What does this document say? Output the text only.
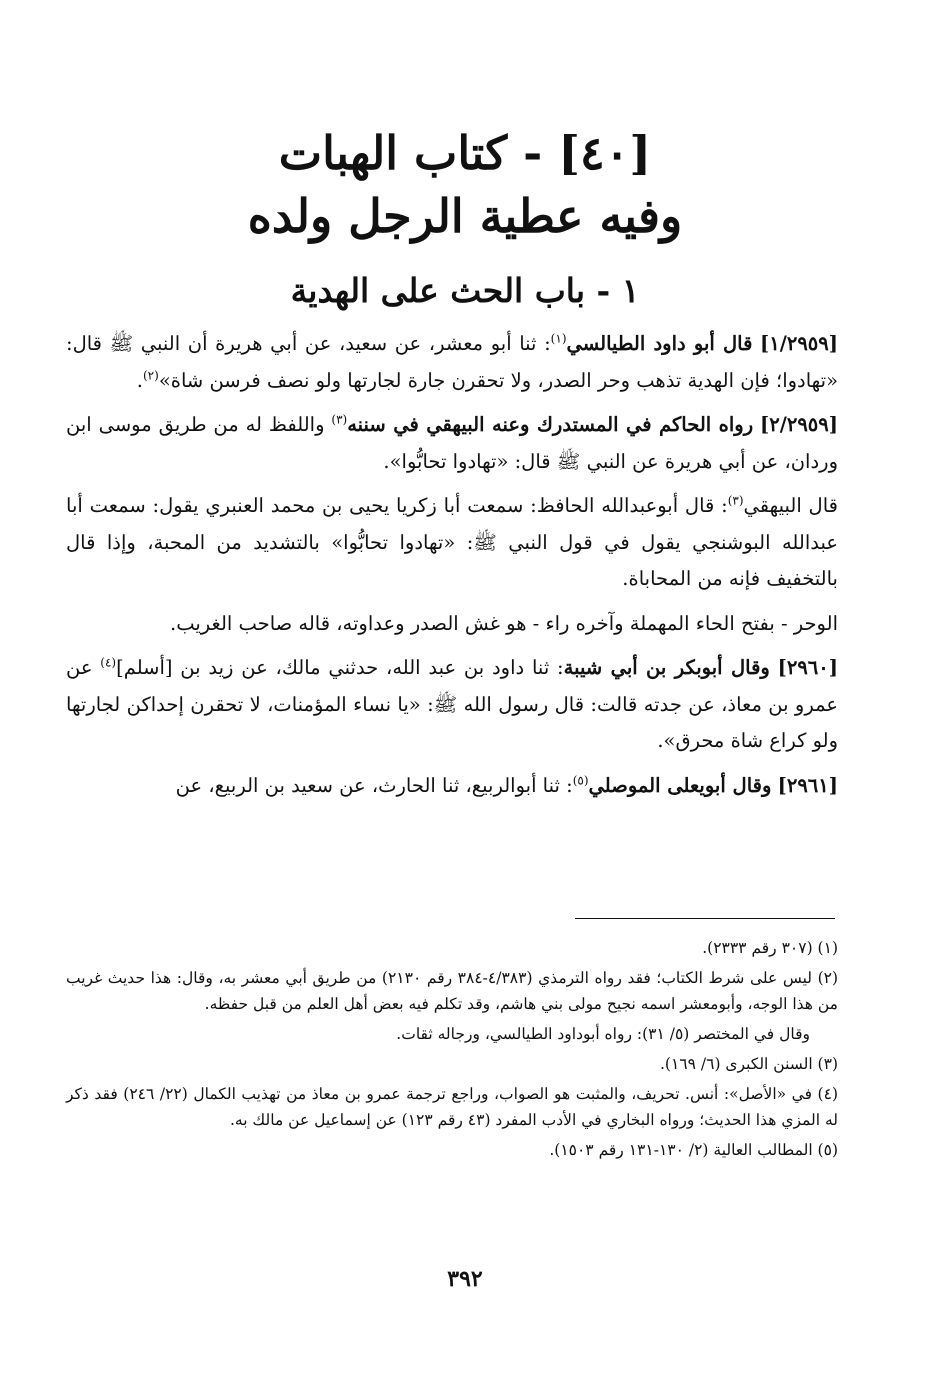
[٤٠] - كتاب الهبات
وفيه عطية الرجل ولده
١ - باب الحث على الهدية

[١/٢٩٥٩] قال أبو داود الطيالسي$^{(١)}$: ثنا أبو معشر، عن سعيد، عن أبي هريرة أن النبي ﷺ قال: «تهادوا؛ فإن الهدية تذهب وحر الصدر، ولا تحقرن جارة لجارتها ولو نصف فرسن شاة»$^{(٢)}$.

[٢/٢٩٥٩] رواه الحاكم في المستدرك وعنه البيهقي في سننه$^{(٣)}$ واللفظ له من طريق موسى ابن وردان، عن أبي هريرة عن النبي ﷺ قال: «تهادوا تحابُّوا».

قال البيهقي$^{(٣)}$: قال أبوعبدالله الحافظ: سمعت أبا زكريا يحيى بن محمد العنبري يقول: سمعت أبا عبدالله البوشنجي يقول في قول النبي ﷺ: «تهادوا تحابُّوا» بالتشديد من المحبة، وإذا قال بالتخفيف فإنه من المحاباة.

الوحر - بفتح الحاء المهملة وآخره راء - هو غش الصدر وعداوته، قاله صاحب الغريب.

[٢٩٦٠] وقال أبوبكر بن أبي شيبة: ثنا داود بن عبد الله، حدثني مالك، عن زيد بن [أسلم]$^{(٤)}$ عن عمرو بن معاذ، عن جدته قالت: قال رسول الله ﷺ: «يا نساء المؤمنات، لا تحقرن إحداكن لجارتها ولو كراع شاة محرق».

[٢٩٦١] وقال أبويعلى الموصلي$^{(٥)}$: ثنا أبوالربيع، ثنا الحارث، عن سعيد بن الربيع، عن

(١) (٣٠٧ رقم ٢٣٣٣).

(٢) ليس على شرط الكتاب؛ فقد رواه الترمذي (٤/٣٨٣-٣٨٤ رقم ٢١٣٠) من طريق أبي معشر به، وقال: هذا حديث غريب من هذا الوجه، وأبومعشر اسمه نجيح مولى بني هاشم، وقد تكلم فيه بعض أهل العلم من قبل حفظه.

وقال في المختصر (٥/ ٣١): رواه أبوداود الطيالسي، ورجاله ثقات.

(٣) السنن الكبرى (٦/ ١٦٩).

(٤) في «الأصل»: أنس. تحريف، والمثبت هو الصواب، وراجع ترجمة عمرو بن معاذ من تهذيب الكمال (٢٢/ ٢٤٦) فقد ذكر له المزي هذا الحديث؛ ورواه البخاري في الأدب المفرد (٤٣ رقم ١٢٣) عن إسماعيل عن مالك به.

(٥) المطالب العالية (٢/ ١٣٠-١٣١ رقم ١٥٠٣).

٣٩٢
